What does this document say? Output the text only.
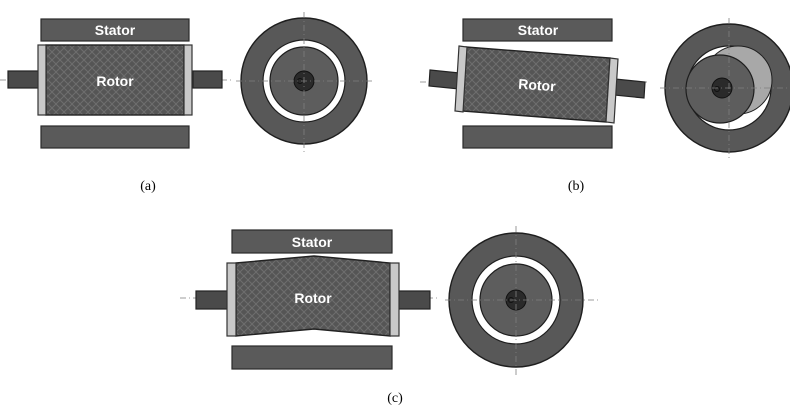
Stator
Rotor
(a)
Stator
Rotor
(b)
Stator
Rotor
(c)
